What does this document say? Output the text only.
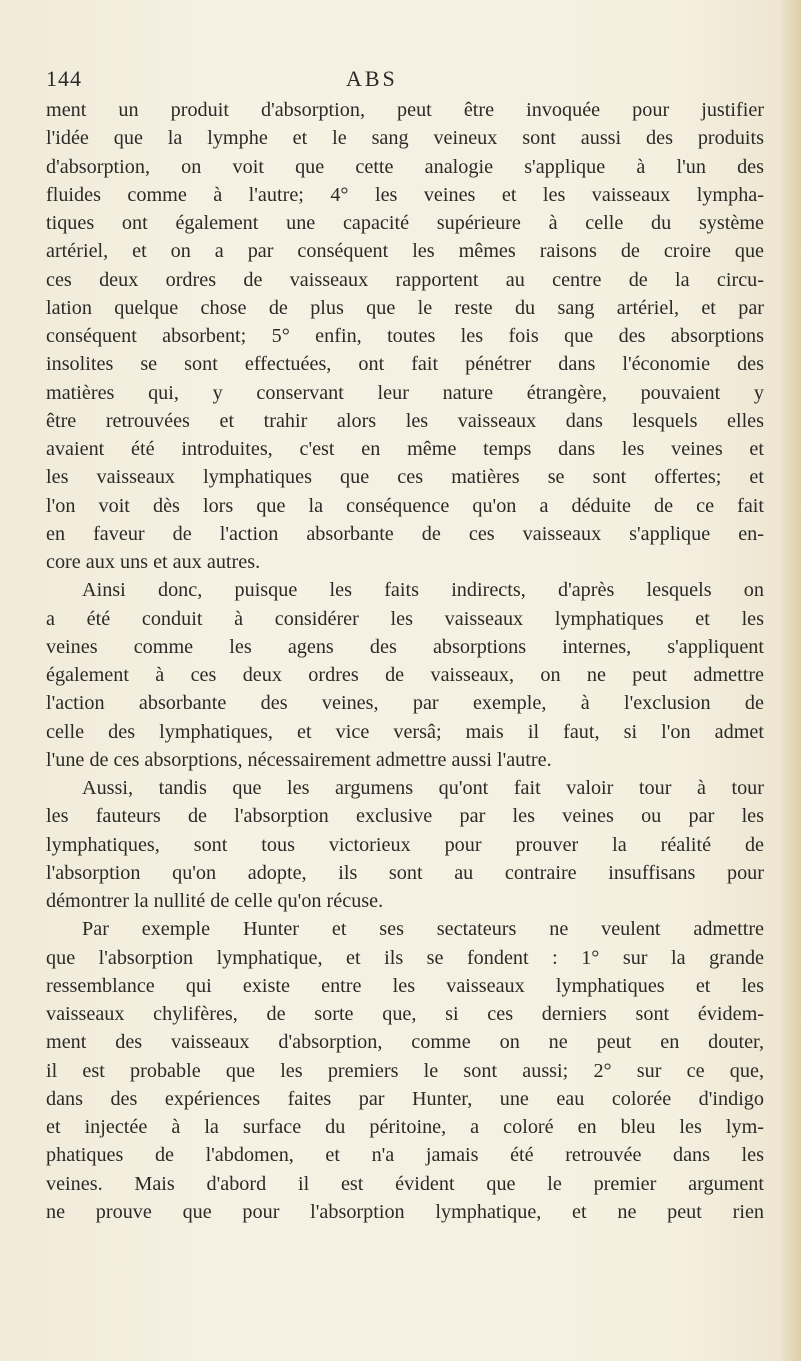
144	ABS
ment un produit d'absorption, peut être invoquée pour justifier
l'idée que la lymphe et le sang veineux sont aussi des produits
d'absorption, on voit que cette analogie s'applique à l'un des
fluides comme à l'autre; 4° les veines et les vaisseaux lympha-
tiques ont également une capacité supérieure à celle du système
artériel, et on a par conséquent les mêmes raisons de croire que
ces deux ordres de vaisseaux rapportent au centre de la circu-
lation quelque chose de plus que le reste du sang artériel, et par
conséquent absorbent; 5° enfin, toutes les fois que des absorptions
insolites se sont effectuées, ont fait pénétrer dans l'économie des
matières qui, y conservant leur nature étrangère, pouvaient y
être retrouvées et trahir alors les vaisseaux dans lesquels elles
avaient été introduites, c'est en même temps dans les veines et
les vaisseaux lymphatiques que ces matières se sont offertes; et
l'on voit dès lors que la conséquence qu'on a déduite de ce fait
en faveur de l'action absorbante de ces vaisseaux s'applique en-
core aux uns et aux autres.
Ainsi donc, puisque les faits indirects, d'après lesquels on
a été conduit à considérer les vaisseaux lymphatiques et les
veines comme les agens des absorptions internes, s'appliquent
également à ces deux ordres de vaisseaux, on ne peut admettre
l'action absorbante des veines, par exemple, à l'exclusion de
celle des lymphatiques, et vice versâ; mais il faut, si l'on admet
l'une de ces absorptions, nécessairement admettre aussi l'autre.
Aussi, tandis que les argumens qu'ont fait valoir tour à tour
les fauteurs de l'absorption exclusive par les veines ou par les
lymphatiques, sont tous victorieux pour prouver la réalité de
l'absorption qu'on adopte, ils sont au contraire insuffisans pour
démontrer la nullité de celle qu'on récuse.
Par exemple Hunter et ses sectateurs ne veulent admettre
que l'absorption lymphatique, et ils se fondent : 1° sur la grande
ressemblance qui existe entre les vaisseaux lymphatiques et les
vaisseaux chylifères, de sorte que, si ces derniers sont évidem-
ment des vaisseaux d'absorption, comme on ne peut en douter,
il est probable que les premiers le sont aussi; 2° sur ce que,
dans des expériences faites par Hunter, une eau colorée d'indigo
et injectée à la surface du péritoine, a coloré en bleu les lym-
phatiques de l'abdomen, et n'a jamais été retrouvée dans les
veines. Mais d'abord il est évident que le premier argument
ne prouve que pour l'absorption lymphatique, et ne peut rien
